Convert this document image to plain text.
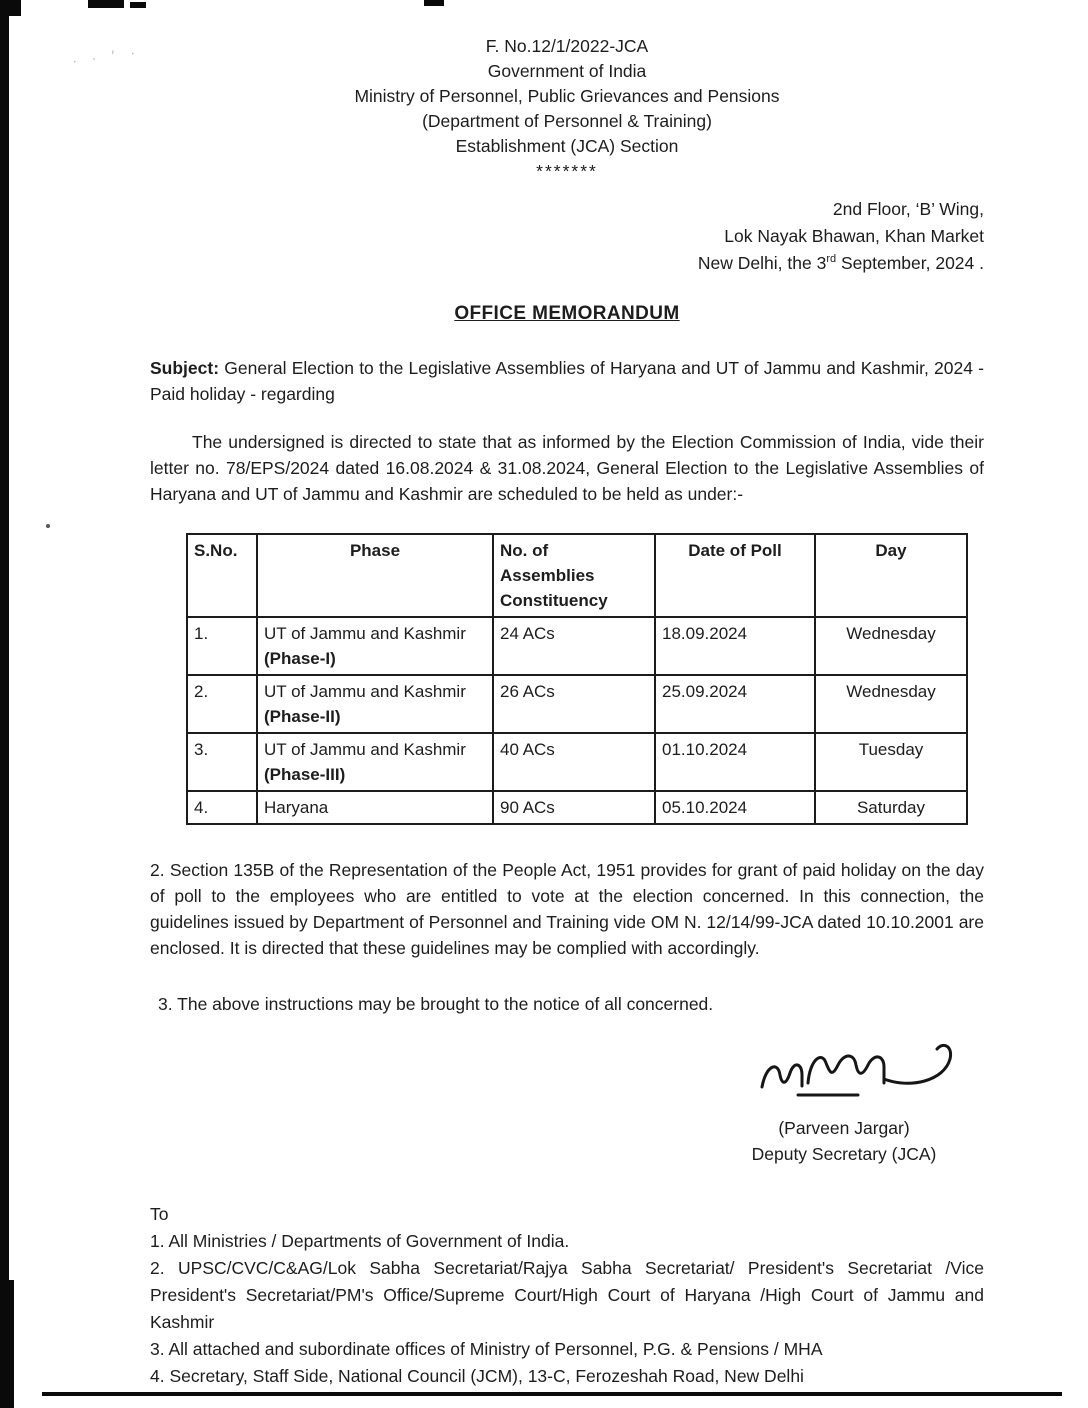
· · ′ ·	F. No.12/1/2022-JCA
Government of India
Ministry of Personnel, Public Grievances and Pensions
(Department of Personnel & Training)
Establishment (JCA) Section
*******
2nd Floor, ‘B’ Wing,
Lok Nayak Bhawan, Khan Market
New Delhi, the 3rd September, 2024 .
OFFICE MEMORANDUM
Subject: General Election to the Legislative Assemblies of Haryana and UT of Jammu and Kashmir, 2024 - Paid holiday - regarding
The undersigned is directed to state that as informed by the Election Commission of India, vide their letter no. 78/EPS/2024 dated 16.08.2024 & 31.08.2024, General Election to the Legislative Assemblies of Haryana and UT of Jammu and Kashmir are scheduled to be held as under:-
S.No.	Phase	No. of Assemblies Constituency	Date of Poll	Day
1.	UT of Jammu and Kashmir (Phase-I)	24 ACs	18.09.2024	Wednesday
2.	UT of Jammu and Kashmir (Phase-II)	26 ACs	25.09.2024	Wednesday
3.	UT of Jammu and Kashmir (Phase-III)	40 ACs	01.10.2024	Tuesday
4.	Haryana	90 ACs	05.10.2024	Saturday
2. Section 135B of the Representation of the People Act, 1951 provides for grant of paid holiday on the day of poll to the employees who are entitled to vote at the election concerned. In this connection, the guidelines issued by Department of Personnel and Training vide OM N. 12/14/99-JCA dated 10.10.2001 are enclosed. It is directed that these guidelines may be complied with accordingly.
3. The above instructions may be brought to the notice of all concerned.
(Parveen Jargar)
Deputy Secretary (JCA)
To
1. All Ministries / Departments of Government of India.
2. UPSC/CVC/C&AG/Lok Sabha Secretariat/Rajya Sabha Secretariat/ President's Secretariat /Vice President's Secretariat/PM's Office/Supreme Court/High Court of Haryana /High Court of Jammu and Kashmir
3. All attached and subordinate offices of Ministry of Personnel, P.G. & Pensions / MHA
4. Secretary, Staff Side, National Council (JCM), 13-C, Ferozeshah Road, New Delhi
